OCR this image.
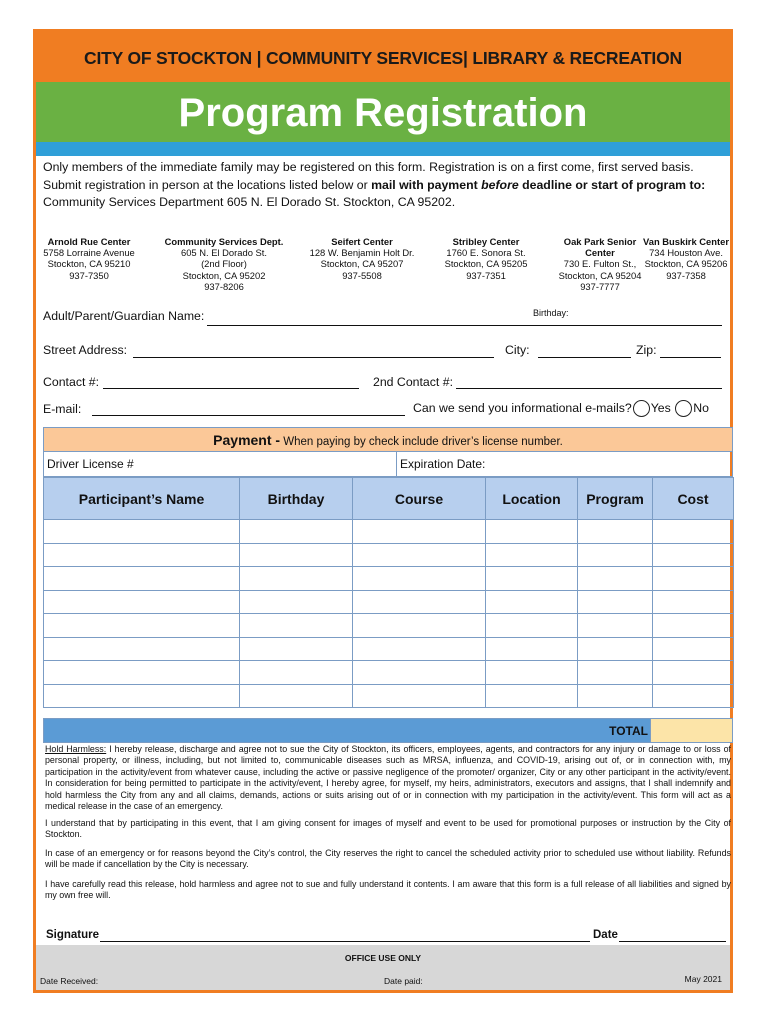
CITY OF STOCKTON | COMMUNITY SERVICES| LIBRARY & RECREATION
Program Registration
Only members of the immediate family may be registered on this form. Registration is on a first come, first served basis.
Submit registration in person at the locations listed below or mail with payment before deadline or start of program to:
Community Services Department 605 N. El Dorado St. Stockton, CA 95202.
Arnold Rue Center
5758 Lorraine Avenue
Stockton, CA 95210
937-7350
Community Services Dept.
605 N. El Dorado St.
(2nd Floor)
Stockton, CA 95202
937-8206
Seifert Center
128 W. Benjamin Holt Dr.
Stockton, CA 95207
937-5508
Stribley Center
1760 E. Sonora St.
Stockton, CA 95205
937-7351
Oak Park Senior Center
730 E. Fulton St.,
Stockton, CA 95204
937-7777
Van Buskirk Center
734 Houston Ave.
Stockton, CA 95206
937-7358
Adult/Parent/Guardian Name:	Birthday:
Street Address:	City:	Zip:
Contact #:	2nd Contact #:
E-mail:	Can we send you informational e-mails? Yes No
Payment - When paying by check include driver’s license number.
Driver License #	Expiration Date:
Participant’s Name	Birthday	Course	Location	Program	Cost

TOTAL
Hold Harmless: I hereby release, discharge and agree not to sue the City of Stockton, its officers, employees, agents, and contractors for any injury or damage to or loss of personal property, or illness, including, but not limited to, communicable diseases such as MRSA, influenza, and COVID-19, arising out of, or in connection with, my participation in the activity/event from whatever cause, including the active or passive negligence of the promoter/ organizer, City or any other participant in the activity/event. In consideration for being permitted to participate in the activity/event, I hereby agree, for myself, my heirs, administrators, executors and assigns, that I shall indemnify and hold harmless the City from any and all claims, demands, actions or suits arising out of or in connection with my participation in the activity/event. This form will act as a medical release in the case of an emergency.
I understand that by participating in this event, that I am giving consent for images of myself and event to be used for promotional purposes or instruction by the City of Stockton.
In case of an emergency or for reasons beyond the City’s control, the City reserves the right to cancel the scheduled activity prior to scheduled use without liability. Refunds will be made if cancellation by the City is necessary.
I have carefully read this release, hold harmless and agree not to sue and fully understand it contents. I am aware that this form is a full release of all liabilities and signed by my own free will.
Signature	Date
OFFICE USE ONLY
Date Received:	Date paid:	May 2021
